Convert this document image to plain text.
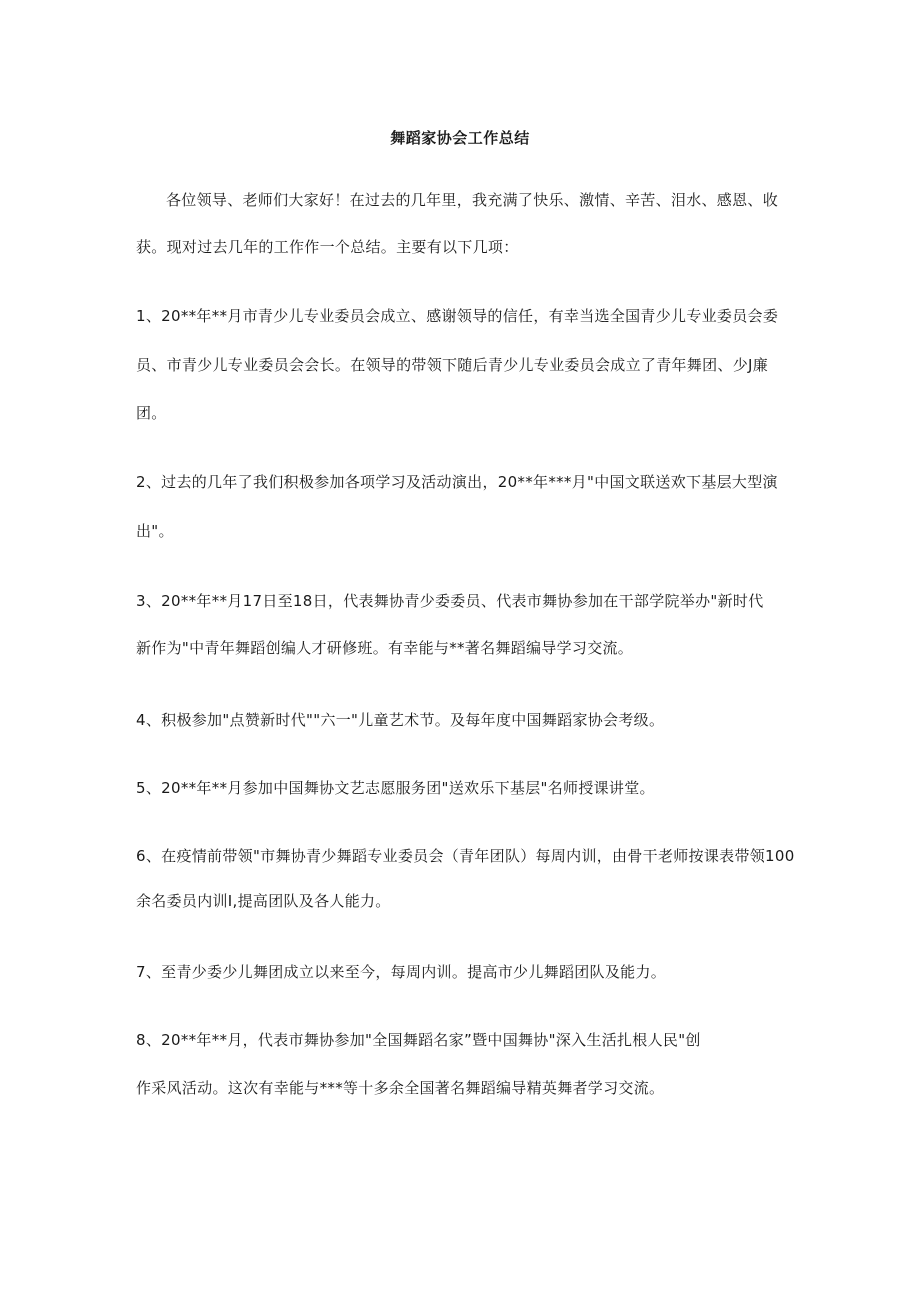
舞蹈家协会工作总结
各位领导、老师们大家好！在过去的几年里，我充满了快乐、激情、辛苦、泪水、感恩、收
获。现对过去几年的工作作一个总结。主要有以下几项：
1、20**年**月市青少儿专业委员会成立、感谢领导的信任，有幸当选全国青少儿专业委员会委
员、市青少儿专业委员会会长。在领导的带领下随后青少儿专业委员会成立了青年舞团、少J廉
团。
2、过去的几年了我们积极参加各项学习及活动演出，20**年***月"中国文联送欢下基层大型演
出"。
3、20**年**月17日至18日，代表舞协青少委委员、代表市舞协参加在干部学院举办"新时代
新作为"中青年舞蹈创编人才研修班。有幸能与**著名舞蹈编导学习交流。
4、积极参加"点赞新时代""六一"儿童艺术节。及每年度中国舞蹈家协会考级。
5、20**年**月参加中国舞协文艺志愿服务团"送欢乐下基层"名师授课讲堂。
6、在疫情前带领"市舞协青少舞蹈专业委员会（青年团队）每周内训，由骨干老师按课表带领100
余名委员内训I,提高团队及各人能力。
7、至青少委少儿舞团成立以来至今，每周内训。提高市少儿舞蹈团队及能力。
8、20**年**月，代表市舞协参加"全国舞蹈名家”暨中国舞协"深入生活扎根人民"创
作采风活动。这次有幸能与***等十多余全国著名舞蹈编导精英舞者学习交流。
